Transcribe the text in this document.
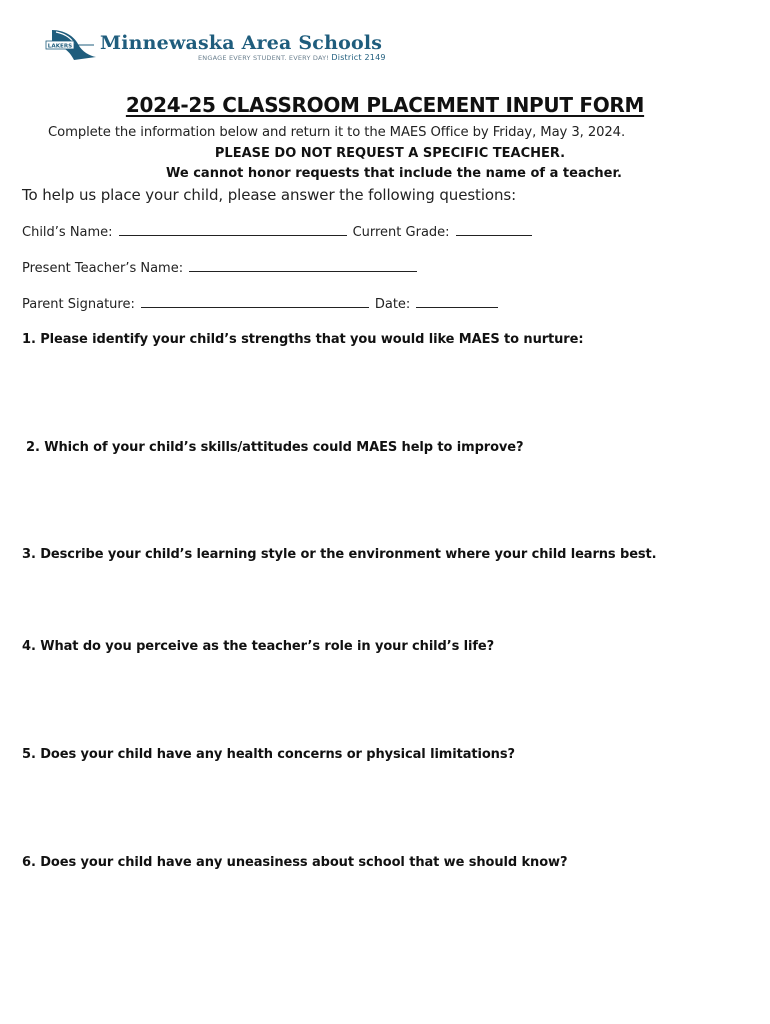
LAKERS Minnewaska Area Schools
ENGAGE EVERY STUDENT. EVERY DAY! District 2149
2024-25 CLASSROOM PLACEMENT INPUT FORM
Complete the information below and return it to the MAES Office by Friday, May 3, 2024.
PLEASE DO NOT REQUEST A SPECIFIC TEACHER.
We cannot honor requests that include the name of a teacher.
To help us place your child, please answer the following questions:
Child’s Name:	Current Grade:
Present Teacher’s Name:
Parent Signature:	Date:
1. Please identify your child’s strengths that you would like MAES to nurture:
2. Which of your child’s skills/attitudes could MAES help to improve?
3. Describe your child’s learning style or the environment where your child learns best.
4. What do you perceive as the teacher’s role in your child’s life?
5. Does your child have any health concerns or physical limitations?
6. Does your child have any uneasiness about school that we should know?
